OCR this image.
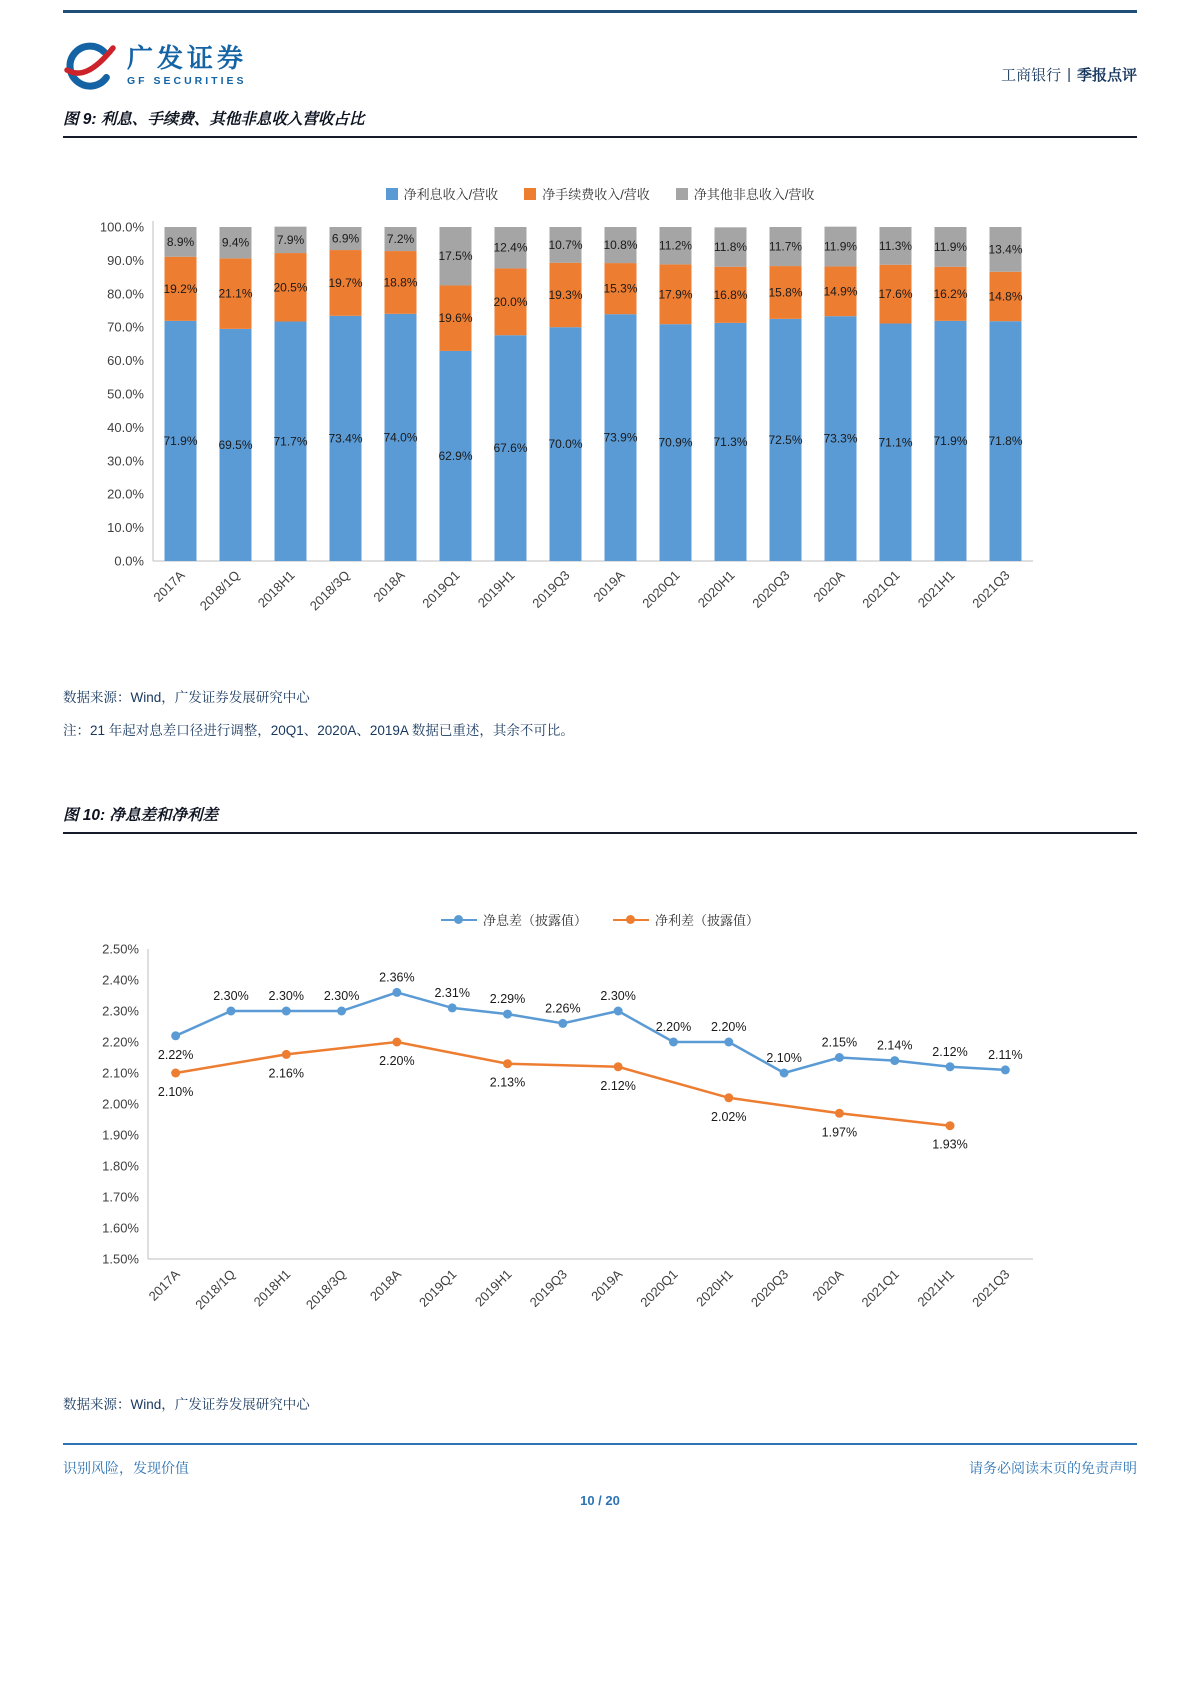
广发证券
GF SECURITIES	工商银行 | 季报点评
图 9: 利息、手续费、其他非息收入营收占比
净利息收入/营收	净手续费收入/营收	净其他非息收入/营收
0.0%
10.0%
20.0%
30.0%
40.0%
50.0%
60.0%
70.0%
80.0%
90.0%
100.0%
71.9%
19.2%
8.9%
2017A
69.5%
21.1%
9.4%
2018/1Q
71.7%
20.5%
7.9%
2018H1
73.4%
19.7%
6.9%
2018/3Q
74.0%
18.8%
7.2%
2018A
62.9%
19.6%
17.5%
2019Q1
67.6%
20.0%
12.4%
2019H1
70.0%
19.3%
10.7%
2019Q3
73.9%
15.3%
10.8%
2019A
70.9%
17.9%
11.2%
2020Q1
71.3%
16.8%
11.8%
2020H1
72.5%
15.8%
11.7%
2020Q3
73.3%
14.9%
11.9%
2020A
71.1%
17.6%
11.3%
2021Q1
71.9%
16.2%
11.9%
2021H1
71.8%
14.8%
13.4%
2021Q3
数据来源：Wind，广发证券发展研究中心
注：21 年起对息差口径进行调整，20Q1、2020A、2019A 数据已重述，其余不可比。
图 10: 净息差和净利差
净息差（披露值）	净利差（披露值）
1.50%
1.60%
1.70%
1.80%
1.90%
2.00%
2.10%
2.20%
2.30%
2.40%
2.50%
2017A 2018/1Q 2018H1 2018/3Q 2018A 2019Q1 2019H1 2019Q3 2019A 2020Q1 2020H1 2020Q3 2020A 2021Q1 2021H1 2021Q3
2.22%
2.30% 2.30% 2.30%
2.36%
2.31% 2.29%
2.26%
2.30%
2.20% 2.20%
2.10%
2.15% 2.14% 2.12% 2.11%
2.10%
2.16%
2.20%
2.13%	2.12%
2.02%
1.97%
1.93%
数据来源：Wind，广发证券发展研究中心
识别风险，发现价值	请务必阅读末页的免责声明
10 / 20
